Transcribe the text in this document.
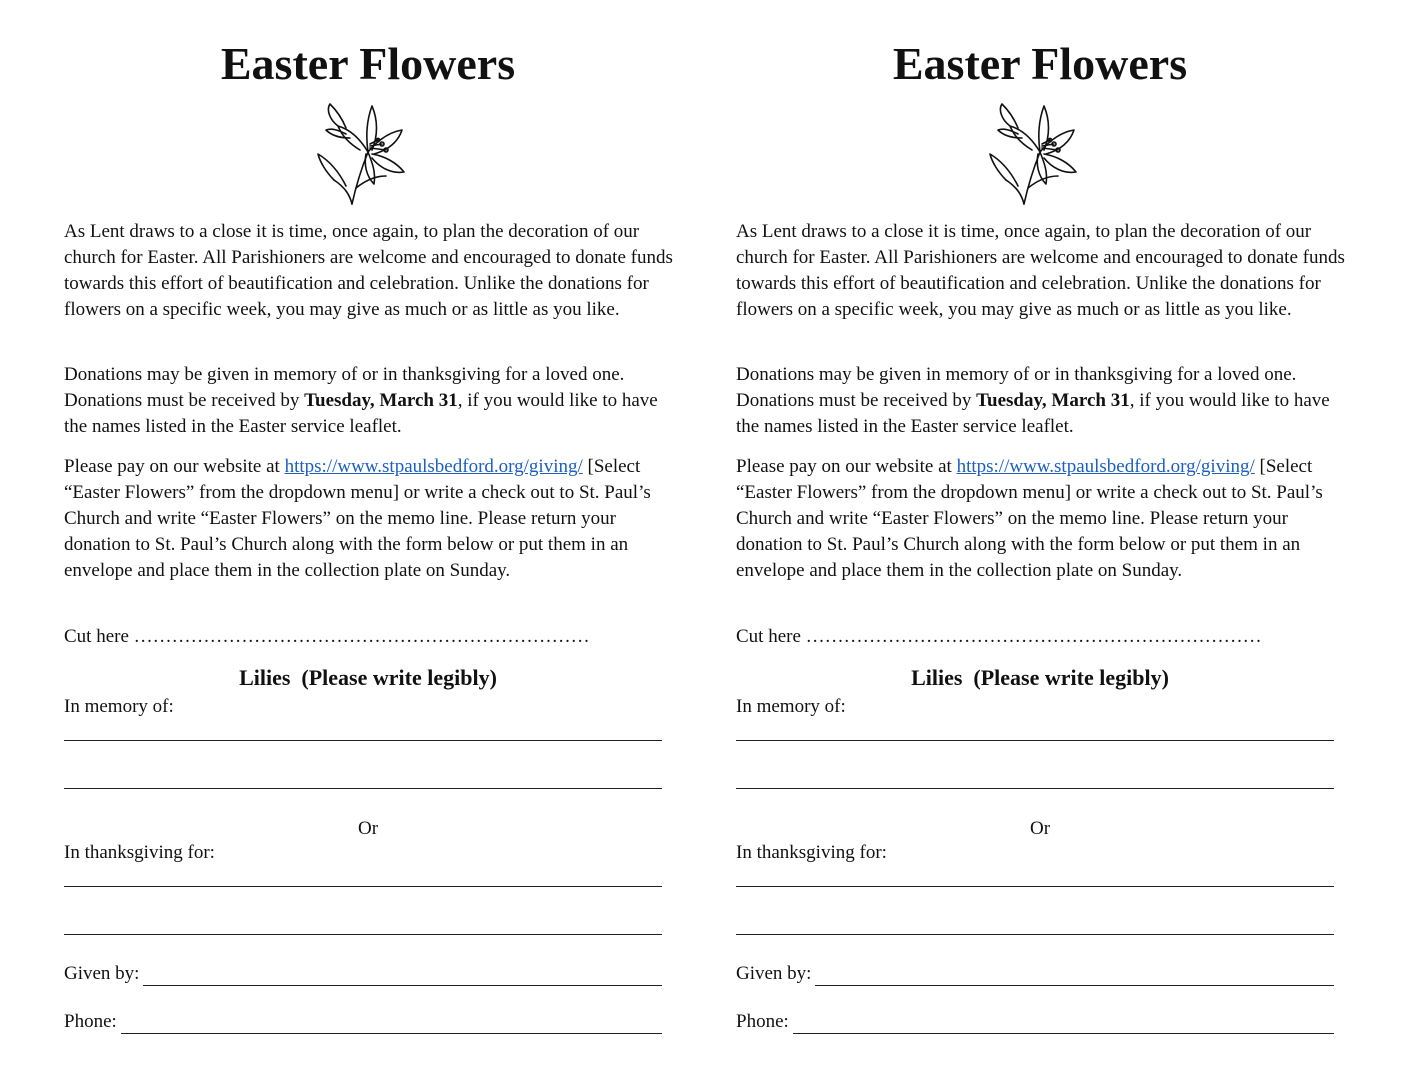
Easter Flowers

As Lent draws to a close it is time, once again, to plan the decoration of our church for Easter. All Parishioners are welcome and encouraged to donate funds towards this effort of beautification and celebration. Unlike the donations for flowers on a specific week, you may give as much or as little as you like.

Donations may be given in memory of or in thanksgiving for a loved one. Donations must be received by Tuesday, March 31, if you would like to have the names listed in the Easter service leaflet.

Please pay on our website at https://www.stpaulsbedford.org/giving/ [Select “Easter Flowers” from the dropdown menu] or write a check out to St. Paul’s Church and write “Easter Flowers” on the memo line. Please return your donation to St. Paul’s Church along with the form below or put them in an envelope and place them in the collection plate on Sunday.

Cut here ………………………………………………………………

Lilies  (Please write legibly)
In memory of:
Or
In thanksgiving for:
Given by:
Phone:
Easter Flowers

As Lent draws to a close it is time, once again, to plan the decoration of our church for Easter. All Parishioners are welcome and encouraged to donate funds towards this effort of beautification and celebration. Unlike the donations for flowers on a specific week, you may give as much or as little as you like.

Donations may be given in memory of or in thanksgiving for a loved one. Donations must be received by Tuesday, March 31, if you would like to have the names listed in the Easter service leaflet.

Please pay on our website at https://www.stpaulsbedford.org/giving/ [Select “Easter Flowers” from the dropdown menu] or write a check out to St. Paul’s Church and write “Easter Flowers” on the memo line. Please return your donation to St. Paul’s Church along with the form below or put them in an envelope and place them in the collection plate on Sunday.

Cut here ………………………………………………………………

Lilies  (Please write legibly)
In memory of:
Or
In thanksgiving for:
Given by:
Phone:
